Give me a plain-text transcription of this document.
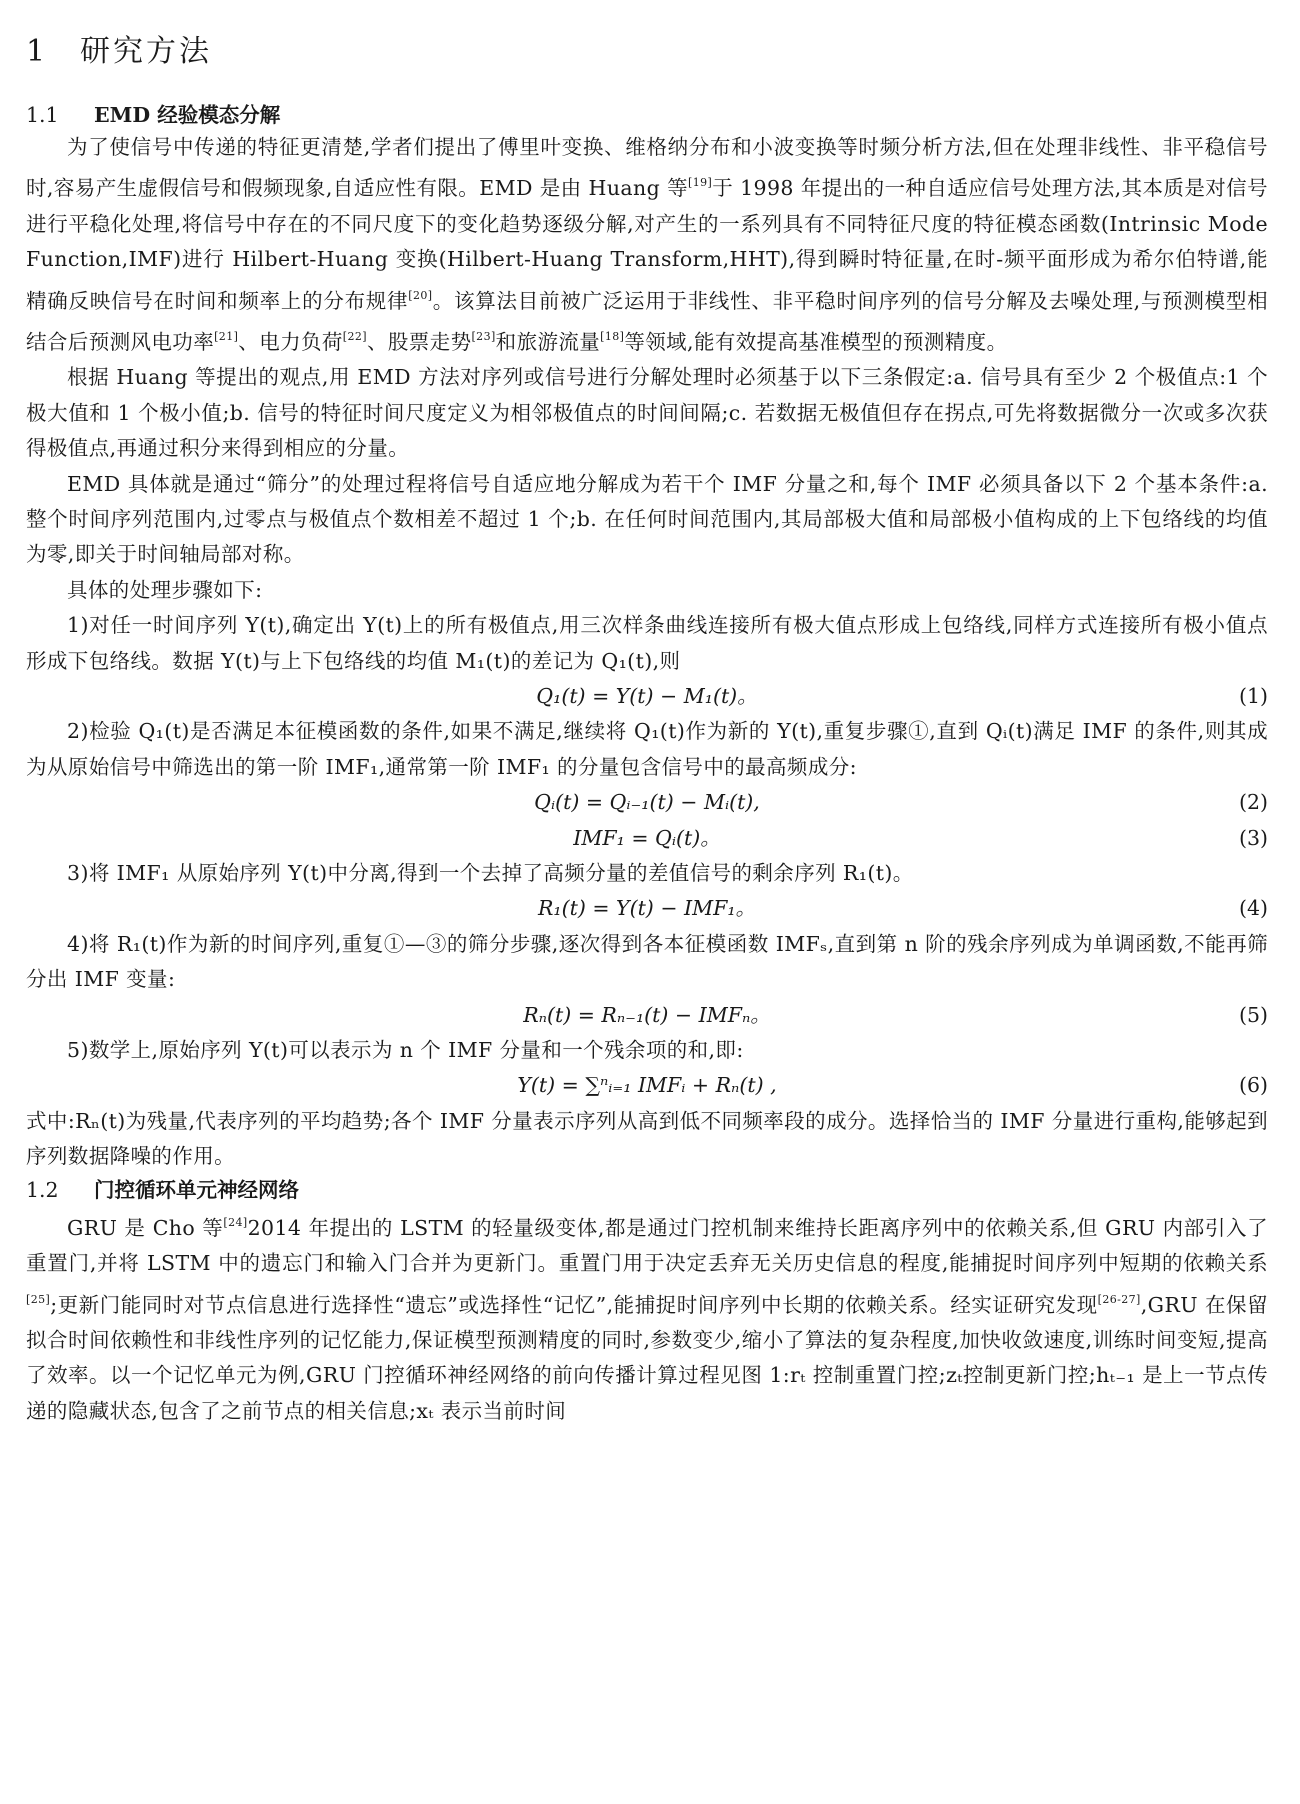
1 研究方法
1.1 EMD 经验模态分解

为了使信号中传递的特征更清楚,学者们提出了傅里叶变换、维格纳分布和小波变换等时频分析方法,但在处理非线性、非平稳信号时,容易产生虚假信号和假频现象,自适应性有限。EMD 是由 Huang 等[19]于 1998 年提出的一种自适应信号处理方法,其本质是对信号进行平稳化处理,将信号中存在的不同尺度下的变化趋势逐级分解,对产生的一系列具有不同特征尺度的特征模态函数(Intrinsic Mode Function,IMF)进行 Hilbert-Huang 变换(Hilbert-Huang Transform,HHT),得到瞬时特征量,在时-频平面形成为希尔伯特谱,能精确反映信号在时间和频率上的分布规律[20]。该算法目前被广泛运用于非线性、非平稳时间序列的信号分解及去噪处理,与预测模型相结合后预测风电功率[21]、电力负荷[22]、股票走势[23]和旅游流量[18]等领域,能有效提高基准模型的预测精度。

根据 Huang 等提出的观点,用 EMD 方法对序列或信号进行分解处理时必须基于以下三条假定:a. 信号具有至少 2 个极值点:1 个极大值和 1 个极小值;b. 信号的特征时间尺度定义为相邻极值点的时间间隔;c. 若数据无极值但存在拐点,可先将数据微分一次或多次获得极值点,再通过积分来得到相应的分量。

EMD 具体就是通过“筛分”的处理过程将信号自适应地分解成为若干个 IMF 分量之和,每个 IMF 必须具备以下 2 个基本条件:a. 整个时间序列范围内,过零点与极值点个数相差不超过 1 个;b. 在任何时间范围内,其局部极大值和局部极小值构成的上下包络线的均值为零,即关于时间轴局部对称。

具体的处理步骤如下:

1)对任一时间序列 Y(t),确定出 Y(t)上的所有极值点,用三次样条曲线连接所有极大值点形成上包络线,同样方式连接所有极小值点形成下包络线。数据 Y(t)与上下包络线的均值 M₁(t)的差记为 Q₁(t),则

Q₁(t) = Y(t) − M₁(t)。	(1)

2)检验 Q₁(t)是否满足本征模函数的条件,如果不满足,继续将 Q₁(t)作为新的 Y(t),重复步骤①,直到 Qᵢ(t)满足 IMF 的条件,则其成为从原始信号中筛选出的第一阶 IMF₁,通常第一阶 IMF₁ 的分量包含信号中的最高频成分:

Qᵢ(t) = Qᵢ₋₁(t) − Mᵢ(t),	(2)
IMF₁ = Qᵢ(t)。	(3)

3)将 IMF₁ 从原始序列 Y(t)中分离,得到一个去掉了高频分量的差值信号的剩余序列 R₁(t)。

R₁(t) = Y(t) − IMF₁。	(4)

4)将 R₁(t)作为新的时间序列,重复①—③的筛分步骤,逐次得到各本征模函数 IMFₛ,直到第 n 阶的残余序列成为单调函数,不能再筛分出 IMF 变量:

Rₙ(t) = Rₙ₋₁(t) − IMFₙ。	(5)

5)数学上,原始序列 Y(t)可以表示为 n 个 IMF 分量和一个残余项的和,即:

Y(t) = ∑ⁿᵢ₌₁ IMFᵢ + Rₙ(t) ,	(6)

式中:Rₙ(t)为残量,代表序列的平均趋势;各个 IMF 分量表示序列从高到低不同频率段的成分。选择恰当的 IMF 分量进行重构,能够起到序列数据降噪的作用。

1.2 门控循环单元神经网络

GRU 是 Cho 等[24]2014 年提出的 LSTM 的轻量级变体,都是通过门控机制来维持长距离序列中的依赖关系,但 GRU 内部引入了重置门,并将 LSTM 中的遗忘门和输入门合并为更新门。重置门用于决定丢弃无关历史信息的程度,能捕捉时间序列中短期的依赖关系[25];更新门能同时对节点信息进行选择性“遗忘”或选择性“记忆”,能捕捉时间序列中长期的依赖关系。经实证研究发现[26-27],GRU 在保留拟合时间依赖性和非线性序列的记忆能力,保证模型预测精度的同时,参数变少,缩小了算法的复杂程度,加快收敛速度,训练时间变短,提高了效率。以一个记忆单元为例,GRU 门控循环神经网络的前向传播计算过程见图 1:rₜ 控制重置门控;zₜ控制更新门控;hₜ₋₁ 是上一节点传递的隐藏状态,包含了之前节点的相关信息;xₜ 表示当前时间
